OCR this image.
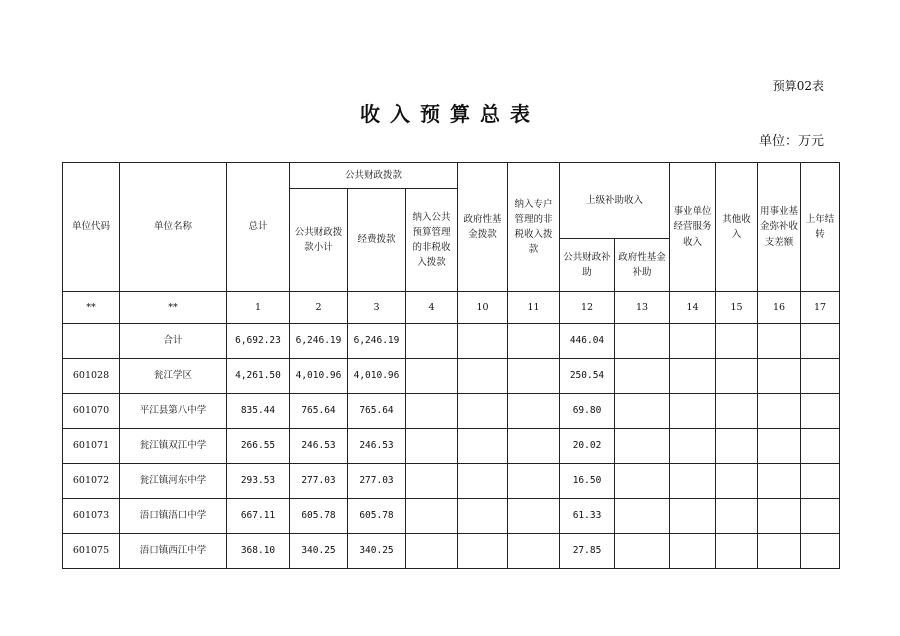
预算02表
收入预算总表
单位：万元
单位代码	单位名称	总计	公共财政拨款			政府性基金拨款	纳入专户管理的非税收入拨款	上级补助收入		事业单位经营服务收入	其他收入	用事业基金弥补收支差额	上年结转
			公共财政拨款小计	经费拨款	纳入公共预算管理的非税收入拨款								
								公共财政补助	政府性基金补助				
**	**	1	2	3	4	10	11	12	13	14	15	16	17
	合计	6,692.23	6,246.19	6,246.19				446.04					
601028	瓮江学区	4,261.50	4,010.96	4,010.96				250.54					
601070	平江县第八中学	835.44	765.64	765.64				69.80					
601071	瓮江镇双江中学	266.55	246.53	246.53				20.02					
601072	瓮江镇河东中学	293.53	277.03	277.03				16.50					
601073	浯口镇浯口中学	667.11	605.78	605.78				61.33					
601075	浯口镇西江中学	368.10	340.25	340.25				27.85					
